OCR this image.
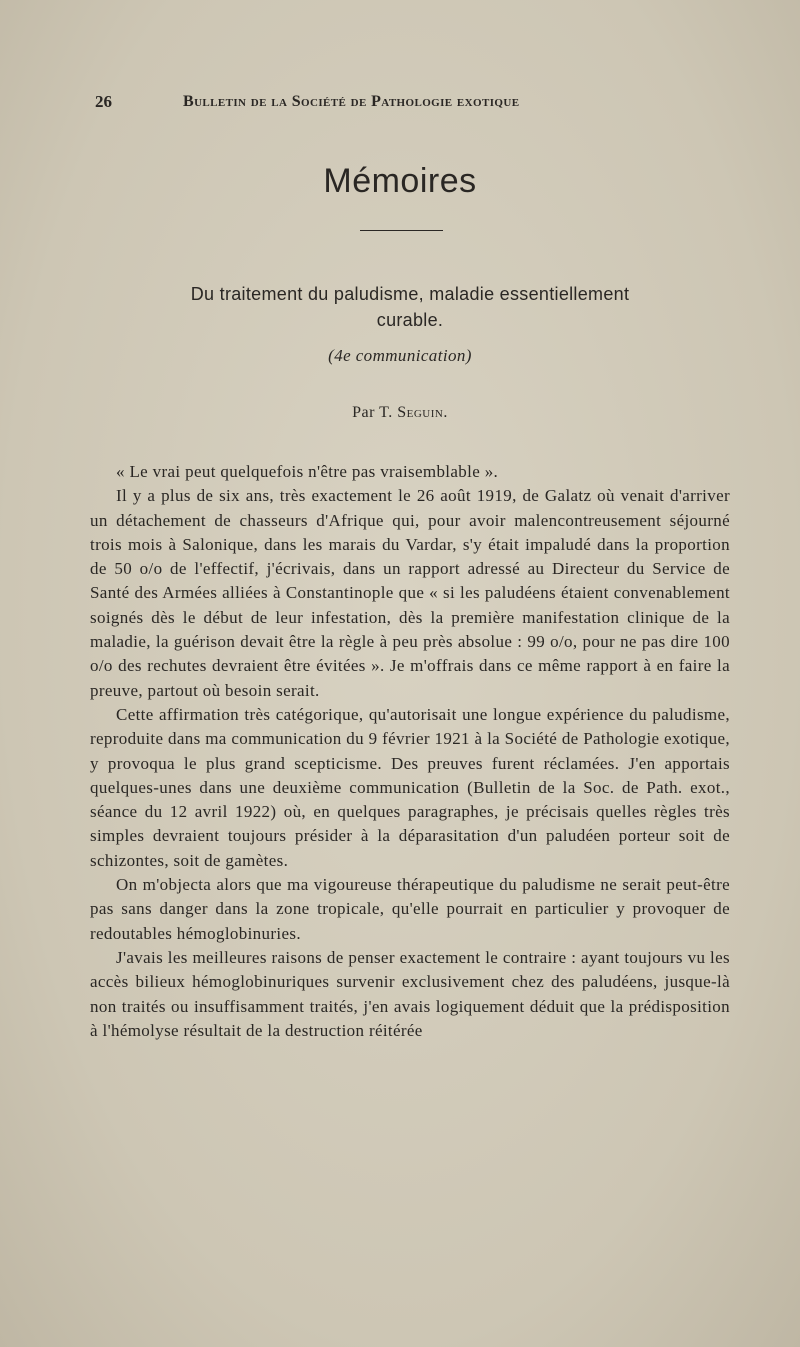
26	Bulletin de la Société de Pathologie exotique
Mémoires
Du traitement du paludisme, maladie essentiellement
curable.
(4e communication)
Par T. Seguin.

« Le vrai peut quelquefois n'être pas vraisemblable ».

Il y a plus de six ans, très exactement le 26 août 1919, de Galatz où venait d'arriver un détachement de chasseurs d'Afrique qui, pour avoir malencontreusement séjourné trois mois à Salonique, dans les marais du Vardar, s'y était impaludé dans la proportion de 50 o/o de l'effectif, j'écrivais, dans un rapport adressé au Directeur du Service de Santé des Armées alliées à Constantinople que « si les paludéens étaient convenablement soignés dès le début de leur infestation, dès la première manifestation clinique de la maladie, la guérison devait être la règle à peu près absolue : 99 o/o, pour ne pas dire 100 o/o des rechutes devraient être évitées ». Je m'offrais dans ce même rapport à en faire la preuve, partout où besoin serait.

Cette affirmation très catégorique, qu'autorisait une longue expérience du paludisme, reproduite dans ma communication du 9 février 1921 à la Société de Pathologie exotique, y provoqua le plus grand scepticisme. Des preuves furent réclamées. J'en apportais quelques-unes dans une deuxième communication (Bulletin de la Soc. de Path. exot., séance du 12 avril 1922) où, en quelques paragraphes, je précisais quelles règles très simples devraient toujours présider à la déparasitation d'un paludéen porteur soit de schizontes, soit de gamètes.

On m'objecta alors que ma vigoureuse thérapeutique du paludisme ne serait peut-être pas sans danger dans la zone tropicale, qu'elle pourrait en particulier y provoquer de redoutables hémoglobinuries.

J'avais les meilleures raisons de penser exactement le contraire : ayant toujours vu les accès bilieux hémoglobinuriques survenir exclusivement chez des paludéens, jusque-là non traités ou insuffisamment traités, j'en avais logiquement déduit que la prédisposition à l'hémolyse résultait de la destruction réitérée
